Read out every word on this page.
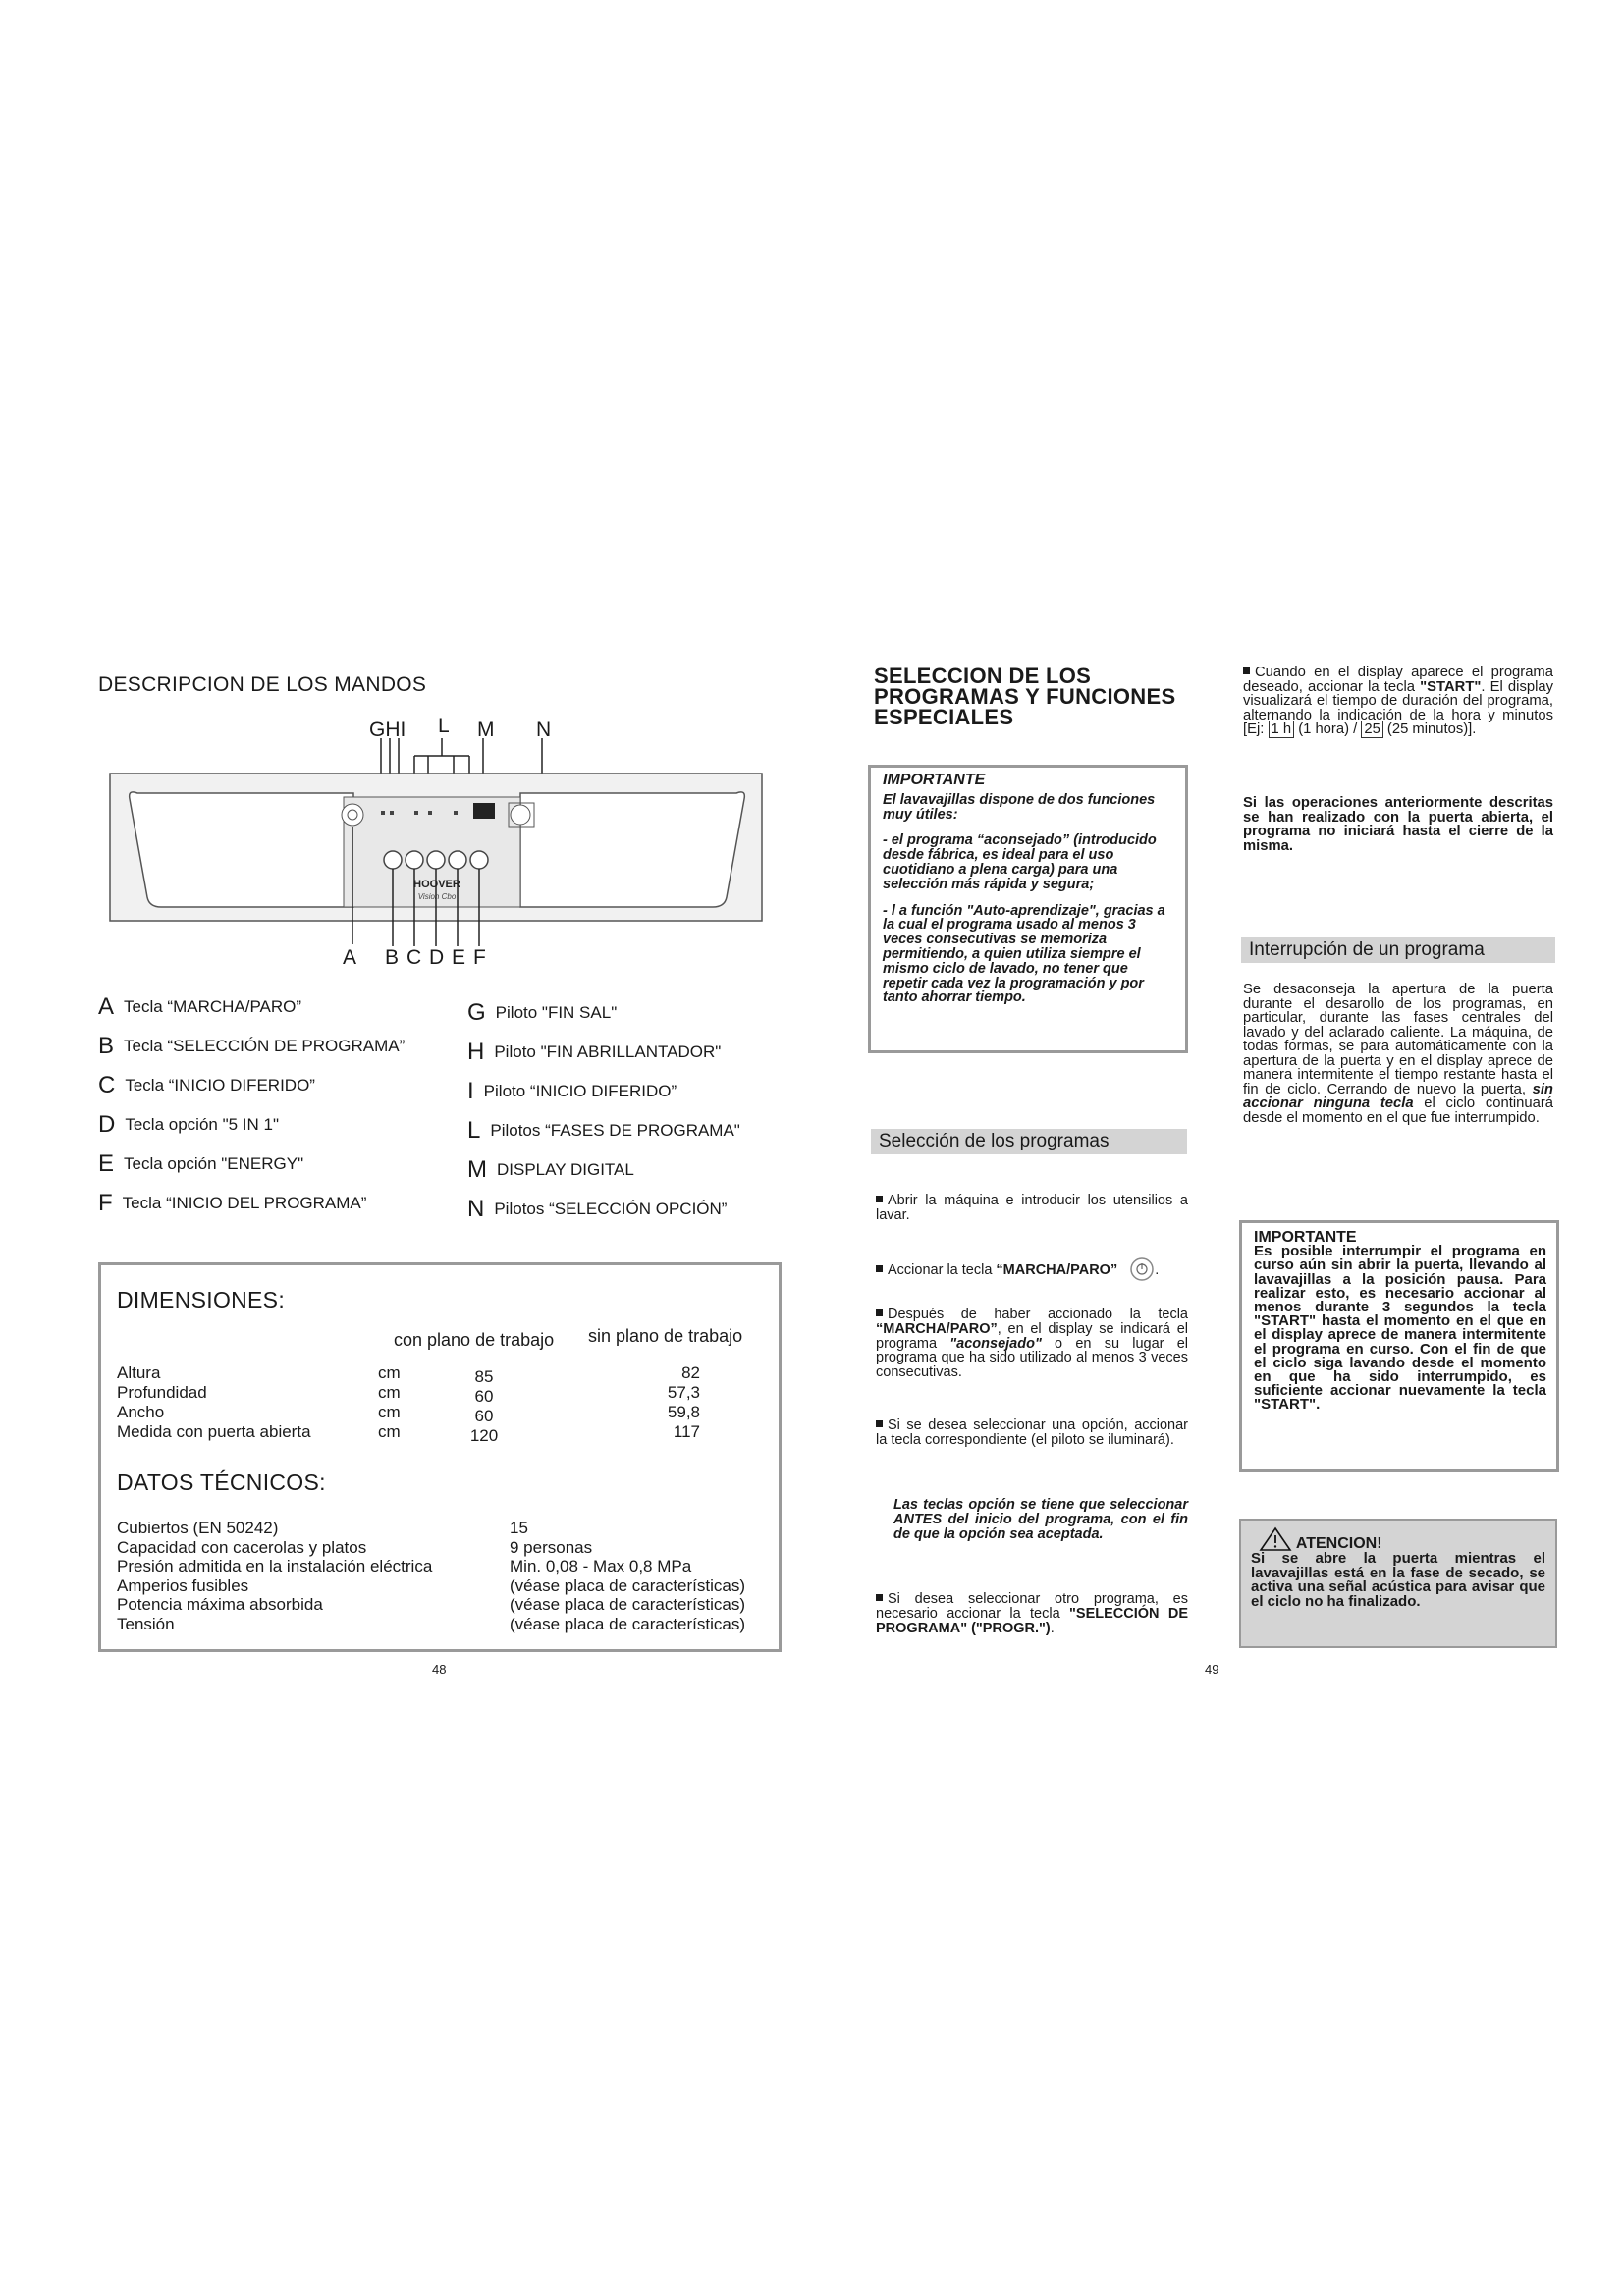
DESCRIPCION DE LOS MANDOS
GHI L M N
HOOVER
Vision Cbo
A B C D E F
A Tecla “MARCHA/PARO”
B Tecla “SELECCIÓN DE PROGRAMA”
C Tecla “INICIO DIFERIDO”
D Tecla opción "5 IN 1"
E Tecla opción "ENERGY"
F Tecla “INICIO DEL PROGRAMA”
G Piloto "FIN SAL"
H Piloto "FIN ABRILLANTADOR"
I Piloto “INICIO DIFERIDO”
L Pilotos “FASES DE PROGRAMA"
M DISPLAY DIGITAL
N Pilotos “SELECCIÓN OPCIÓN”
DIMENSIONES:
con plano de trabajo sin plano de trabajo
Altura
Profundidad
Ancho
Medida con puerta abierta
cm
cm
cm
cm
85
60
60
120
82
57,3
59,8
117
DATOS TÉCNICOS:
Cubiertos (EN 50242)
Capacidad con cacerolas y platos
Presión admitida en la instalación eléctrica
Amperios fusibles
Potencia máxima absorbida
Tensión
15
9 personas
Min. 0,08 - Max 0,8 MPa
(véase placa de características)
(véase placa de características)
(véase placa de características)
48
SELECCION DE LOS
PROGRAMAS Y FUNCIONES
ESPECIALES
IMPORTANTE

El lavavajillas dispone de dos funciones muy útiles:

- el programa “aconsejado” (introducido desde fábrica, es ideal para el uso cuotidiano a plena carga) para una selección más rápida y segura;

- l a función "Auto-aprendizaje", gracias a la cual el programa usado al menos 3 veces consecutivas se memoriza permitiendo, a quien utiliza siempre el mismo ciclo de lavado, no tener que repetir cada vez la programación y por tanto ahorrar tiempo.

Selección de los programas
Abrir la máquina e introducir los utensilios a lavar.
Accionar la tecla “MARCHA/PARO”	.
Después de haber accionado la tecla “MARCHA/PARO”, en el display se indicará el programa "aconsejado" o en su lugar el programa que ha sido utilizado al menos 3 veces consecutivas.
Si se desea seleccionar una opción, accionar la tecla correspondiente (el piloto se iluminará).
Las teclas opción se tiene que seleccionar ANTES del inicio del programa, con el fin de que la opción sea aceptada.
Si desea seleccionar otro programa, es necesario accionar la tecla "SELECCIÓN DE PROGRAMA" ("PROGR.").
49
Cuando en el display aparece el programa deseado, accionar la tecla "START". El display visualizará el tiempo de duración del programa, alternando la indicación de la hora y minutos [Ej: 1 h (1 hora) / 25 (25 minutos)].
Si las operaciones anteriormente descritas se han realizado con la puerta abierta, el programa no iniciará hasta el cierre de la misma.
Interrupción de un programa
Se desaconseja la apertura de la puerta durante el desarollo de los programas, en particular, durante las fases centrales del lavado y del aclarado caliente. La máquina, de todas formas, se para automáticamente con la apertura de la puerta y en el display aprece de manera intermitente el tiempo restante hasta el fin de ciclo. Cerrando de nuevo la puerta, sin accionar ninguna tecla el ciclo continuará desde el momento en el que fue interrumpido.
IMPORTANTE
Es posible interrumpir el programa en curso aún sin abrir la puerta, llevando al lavavajillas a la posición pausa. Para realizar esto, es necesario accionar al menos durante 3 segundos la tecla "START" hasta el momento en el que en el display aprece de manera intermitente el programa en curso. Con el fin de que el ciclo siga lavando desde el momento en que ha sido interrumpido, es suficiente accionar nuevamente la tecla "START".
ATENCION!
Si se abre la puerta mientras el lavavajillas está en la fase de secado, se activa una señal acústica para avisar que el ciclo no ha finalizado.
